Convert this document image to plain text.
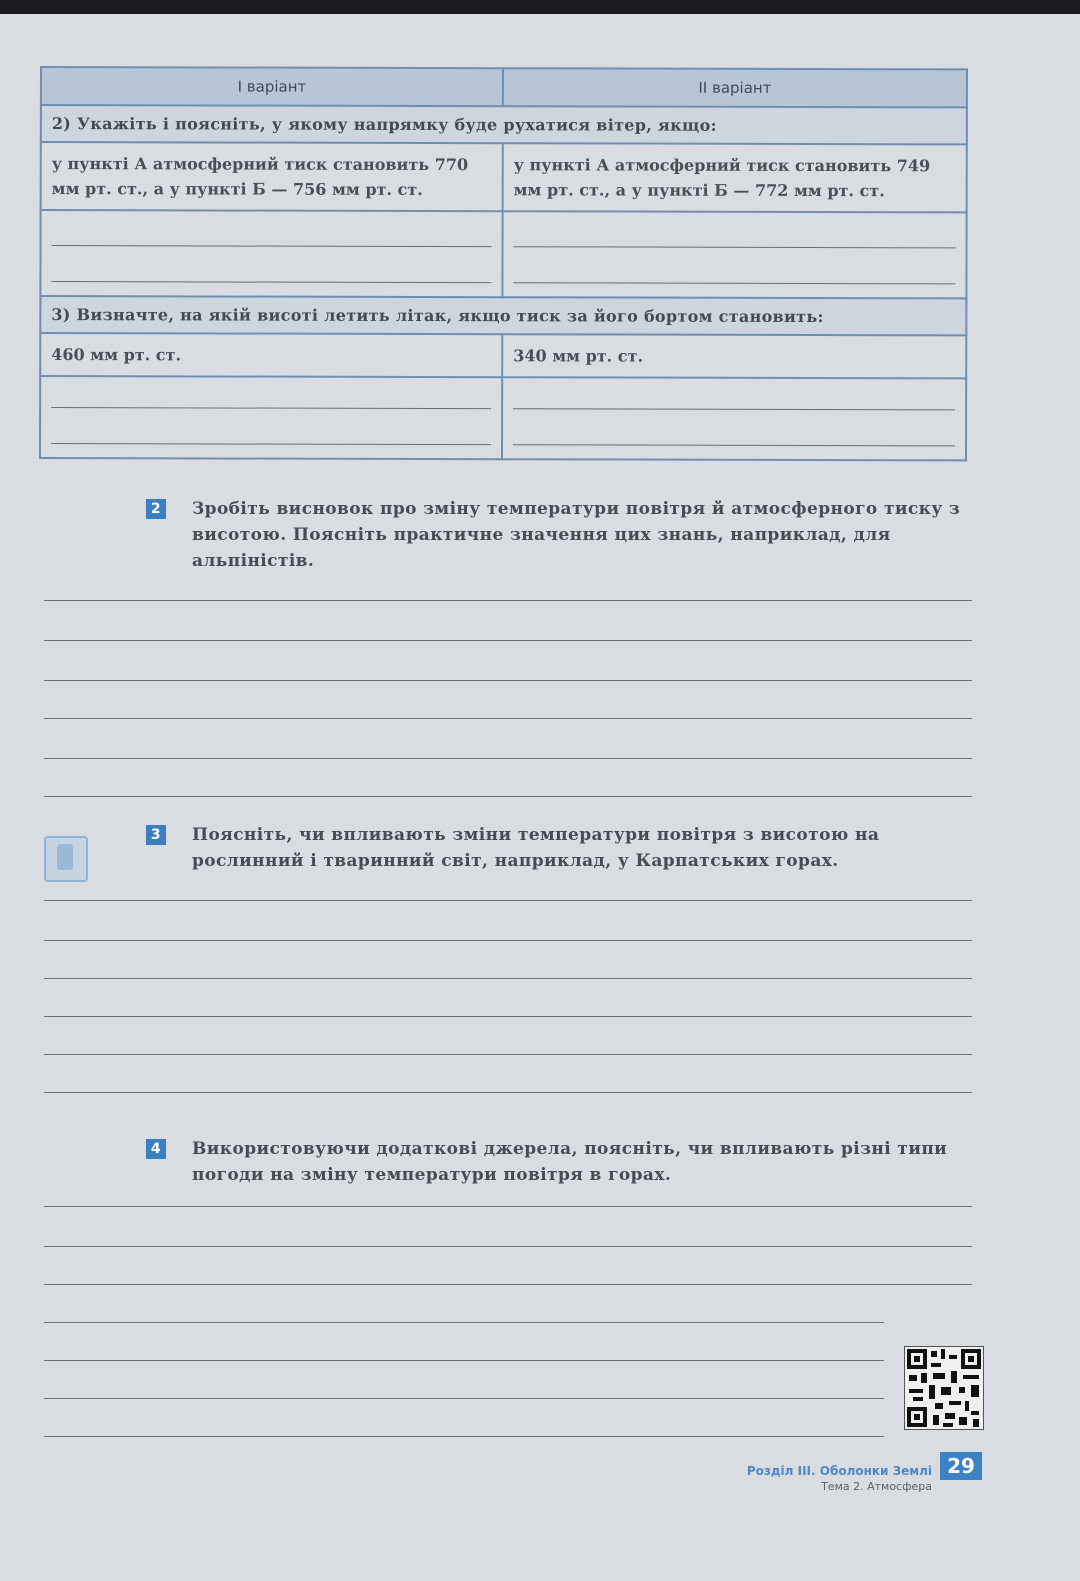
І варіант	ІІ варіант
2) Укажіть і поясніть, у якому напрямку буде рухатися вітер, якщо:	
у пункті А атмосферний тиск становить 770 мм рт. ст., а у пункті Б — 756 мм рт. ст.	у пункті А атмосферний тиск становить 749 мм рт. ст., а у пункті Б — 772 мм рт. ст.

3) Визначте, на якій висоті летить літак, якщо тиск за його бортом становить:	
460 мм рт. ст.	340 мм рт. ст.

2 Зробіть висновок про зміну температури повітря й атмосферного тиску з висотою. Поясніть практичне значення цих знань, наприклад, для альпіністів.
3 Поясніть, чи впливають зміни температури повітря з висотою на рослинний і тваринний світ, наприклад, у Карпатських горах.
4 Використовуючи додаткові джерела, поясніть, чи впливають різні типи погоди на зміну температури повітря в горах.
Розділ ІІІ. Оболонки Землі
Тема 2. Атмосфера
29
